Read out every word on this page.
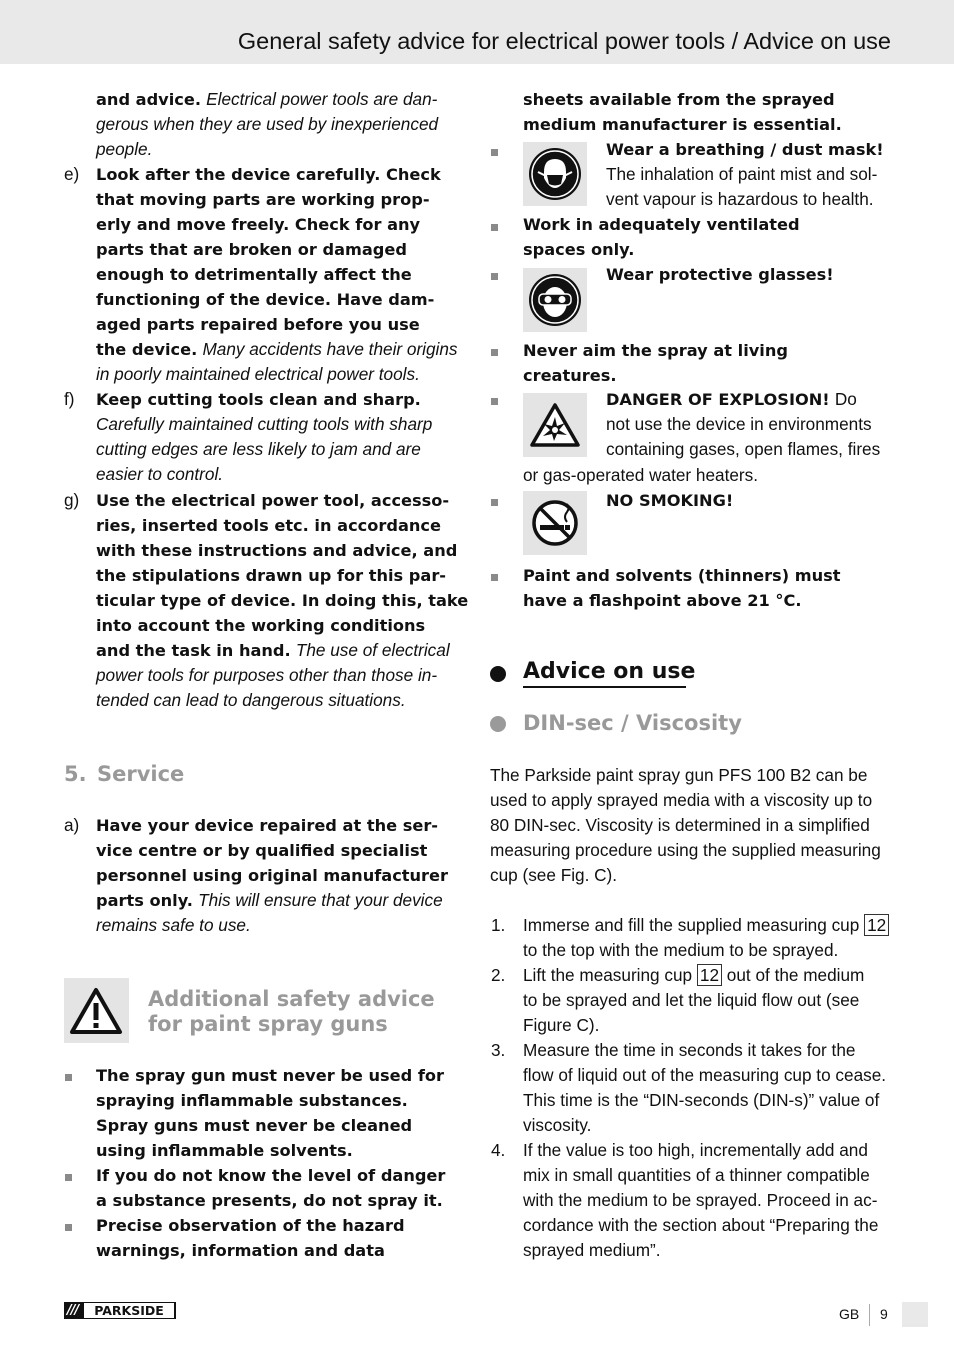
General safety advice for electrical power tools / Advice on use
and advice. Electrical power tools are dan-
gerous when they are used by inexperienced
people.
e) Look after the device carefully. Check
that moving parts are working prop-
erly and move freely. Check for any
parts that are broken or damaged
enough to detrimentally affect the
functioning of the device. Have dam-
aged parts repaired before you use
the device. Many accidents have their origins
in poorly maintained electrical power tools.
f) Keep cutting tools clean and sharp.
Carefully maintained cutting tools with sharp
cutting edges are less likely to jam and are
easier to control.
g) Use the electrical power tool, accesso-
ries, inserted tools etc. in accordance
with these instructions and advice, and
the stipulations drawn up for this par-
ticular type of device. In doing this, take
into account the working conditions
and the task in hand. The use of electrical
power tools for purposes other than those in-
tended can lead to dangerous situations.
5. Service
a) Have your device repaired at the ser-
vice centre or by qualified specialist
personnel using original manufacturer
parts only. This will ensure that your device
remains safe to use.
Additional safety advice
for paint spray guns
The spray gun must never be used for
spraying inflammable substances.
Spray guns must never be cleaned
using inflammable solvents.
If you do not know the level of danger
a substance presents, do not spray it.
Precise observation of the hazard
warnings, information and data
sheets available from the sprayed
medium manufacturer is essential.
Wear a breathing / dust mask!
The inhalation of paint mist and sol-
vent vapour is hazardous to health.
Work in adequately ventilated
spaces only.
Wear protective glasses!
Never aim the spray at living
creatures.
DANGER OF EXPLOSION! Do
not use the device in environments
containing gases, open flames, fires
or gas-operated water heaters.
NO SMOKING!
Paint and solvents (thinners) must
have a flashpoint above 21 °C.
Advice on use
DIN-sec / Viscosity
The Parkside paint spray gun PFS 100 B2 can be
used to apply sprayed media with a viscosity up to
80 DIN-sec. Viscosity is determined in a simplified
measuring procedure using the supplied measuring
cup (see Fig. C).
1. Immerse and fill the supplied measuring cup 12
to the top with the medium to be sprayed.
2. Lift the measuring cup 12 out of the medium
to be sprayed and let the liquid flow out (see
Figure C).
3. Measure the time in seconds it takes for the
flow of liquid out of the measuring cup to cease.
This time is the “DIN-seconds (DIN-s)” value of
viscosity.
4. If the value is too high, incrementally add and
mix in small quantities of a thinner compatible
with the medium to be sprayed. Proceed in ac-
cordance with the section about “Preparing the
sprayed medium”.
///	PARKSIDE	GB 9
